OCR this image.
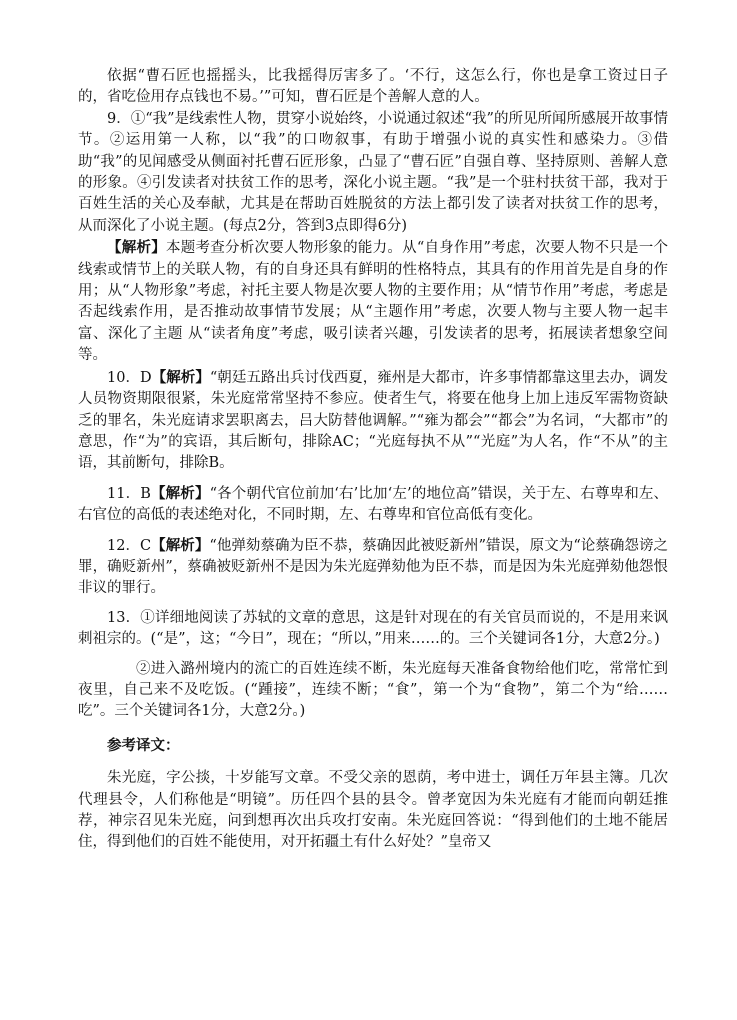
依据“曹石匠也摇摇头，比我摇得厉害多了。‘不行，这怎么行，你也是拿工资过日子的，省吃俭用存点钱也不易。’”可知，曹石匠是个善解人意的人。

9．①“我”是线索性人物，贯穿小说始终，小说通过叙述“我”的所见所闻所感展开故事情节。②运用第一人称，以“我”的口吻叙事，有助于增强小说的真实性和感染力。③借助“我”的见闻感受从侧面衬托曹石匠形象，凸显了“曹石匠”自强自尊、坚持原则、善解人意的形象。④引发读者对扶贫工作的思考，深化小说主题。“我”是一个驻村扶贫干部，我对于百姓生活的关心及奉献，尤其是在帮助百姓脱贫的方法上都引发了读者对扶贫工作的思考，从而深化了小说主题。(每点2分，答到3点即得6分)

【解析】本题考查分析次要人物形象的能力。从“自身作用”考虑，次要人物不只是一个线索或情节上的关联人物，有的自身还具有鲜明的性格特点，其具有的作用首先是自身的作用；从“人物形象”考虑，衬托主要人物是次要人物的主要作用；从“情节作用”考虑，考虑是否起线索作用，是否推动故事情节发展；从“主题作用”考虑，次要人物与主要人物一起丰富、深化了主题 从“读者角度”考虑，吸引读者兴趣，引发读者的思考，拓展读者想象空间等。

10．D【解析】“朝廷五路出兵讨伐西夏，雍州是大都市，许多事情都靠这里去办，调发人员物资期限很紧，朱光庭常常坚持不参应。使者生气，将要在他身上加上违反军需物资缺乏的罪名，朱光庭请求罢职离去，吕大防替他调解。”“雍为都会”“都会”为名词，“大都市”的意思，作“为”的宾语，其后断句，排除AC；“光庭每执不从”“光庭”为人名，作“不从”的主语，其前断句，排除B。

11．B【解析】“各个朝代官位前加‘右’比加‘左’的地位高”错误，关于左、右尊卑和左、右官位的高低的表述绝对化，不同时期，左、右尊卑和官位高低有变化。

12．C【解析】“他弹劾蔡确为臣不恭，蔡确因此被贬新州”错误，原文为“论蔡确怨谤之罪，确贬新州”，蔡确被贬新州不是因为朱光庭弹劾他为臣不恭，而是因为朱光庭弹劾他怨恨非议的罪行。

13．①详细地阅读了苏轼的文章的意思，这是针对现在的有关官员而说的，不是用来讽刺祖宗的。(“是”，这；“今日”，现在；“所以，”用来……的。三个关键词各1分，大意2分。)

②进入潞州境内的流亡的百姓连续不断，朱光庭每天准备食物给他们吃，常常忙到夜里，自己来不及吃饭。(“踵接”，连续不断；“食”，第一个为“食物”，第二个为“给……吃”。三个关键词各1分，大意2分。)

参考译文：

朱光庭，字公掞，十岁能写文章。不受父亲的恩荫，考中进士，调任万年县主簿。几次代理县令，人们称他是“明镜”。历任四个县的县令。曾孝宽因为朱光庭有才能而向朝廷推荐，神宗召见朱光庭，问到想再次出兵攻打安南。朱光庭回答说：“得到他们的土地不能居住，得到他们的百姓不能使用，对开拓疆土有什么好处？”皇帝又
